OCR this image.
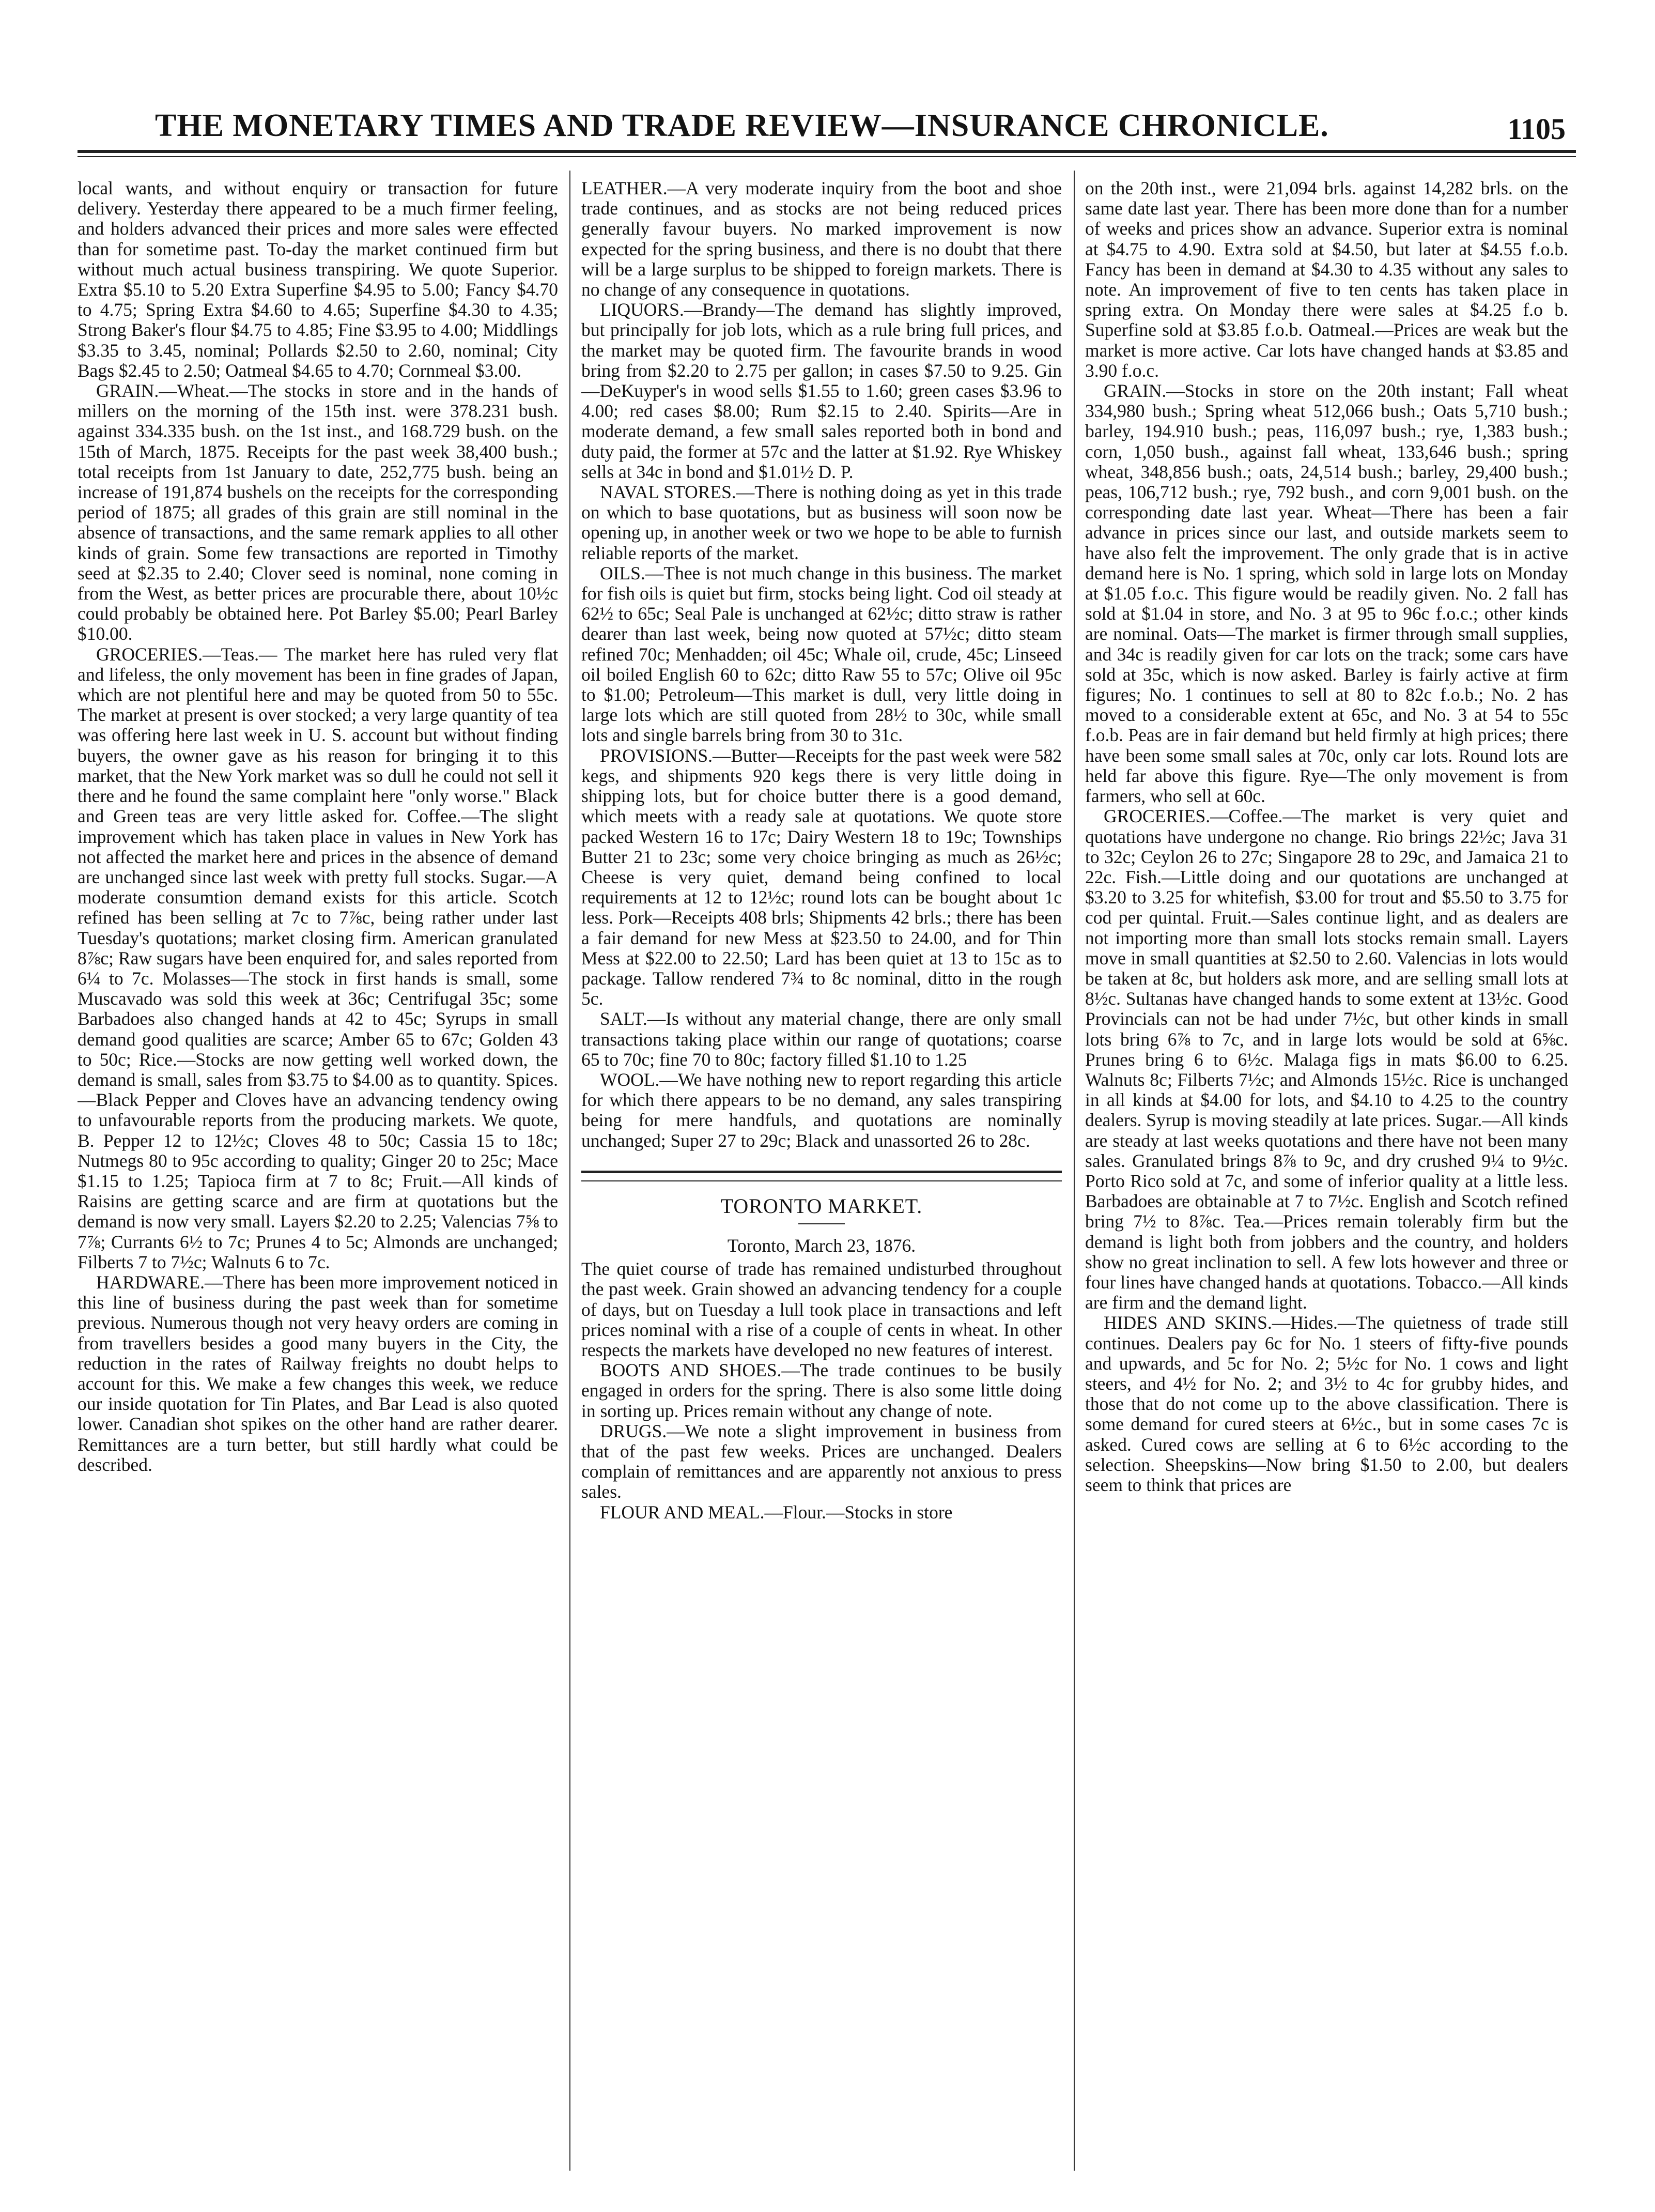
THE MONETARY TIMES AND TRADE REVIEW—INSURANCE CHRONICLE.	1105

local wants, and without enquiry or transaction for future delivery. Yesterday there appeared to be a much firmer feeling, and holders advanced their prices and more sales were effected than for sometime past. To-day the market continued firm but without much actual business transpiring. We quote Superior. Extra $5.10 to 5.20 Extra Superfine $4.95 to 5.00; Fancy $4.70 to 4.75; Spring Extra $4.60 to 4.65; Superfine $4.30 to 4.35; Strong Baker's flour $4.75 to 4.85; Fine $3.95 to 4.00; Middlings $3.35 to 3.45, nominal; Pollards $2.50 to 2.60, nominal; City Bags $2.45 to 2.50; Oatmeal $4.65 to 4.70; Cornmeal $3.00.

GRAIN.—Wheat.—The stocks in store and in the hands of millers on the morning of the 15th inst. were 378.231 bush. against 334.335 bush. on the 1st inst., and 168.729 bush. on the 15th of March, 1875. Receipts for the past week 38,400 bush.; total receipts from 1st January to date, 252,775 bush. being an increase of 191,874 bushels on the receipts for the corresponding period of 1875; all grades of this grain are still nominal in the absence of transactions, and the same remark applies to all other kinds of grain. Some few transactions are reported in Timothy seed at $2.35 to 2.40; Clover seed is nominal, none coming in from the West, as better prices are procurable there, about 10½c could probably be obtained here. Pot Barley $5.00; Pearl Barley $10.00.

GROCERIES.—Teas.— The market here has ruled very flat and lifeless, the only movement has been in fine grades of Japan, which are not plentiful here and may be quoted from 50 to 55c. The market at present is over stocked; a very large quantity of tea was offering here last week in U. S. account but without finding buyers, the owner gave as his reason for bringing it to this market, that the New York market was so dull he could not sell it there and he found the same complaint here "only worse." Black and Green teas are very little asked for. Coffee.—The slight improvement which has taken place in values in New York has not affected the market here and prices in the absence of demand are unchanged since last week with pretty full stocks. Sugar.—A moderate consumtion demand exists for this article. Scotch refined has been selling at 7c to 7⅞c, being rather under last Tuesday's quotations; market closing firm. American granulated 8⅞c; Raw sugars have been enquired for, and sales reported from 6¼ to 7c. Molasses—The stock in first hands is small, some Muscavado was sold this week at 36c; Centrifugal 35c; some Barbadoes also changed hands at 42 to 45c; Syrups in small demand good qualities are scarce; Amber 65 to 67c; Golden 43 to 50c; Rice.—Stocks are now getting well worked down, the demand is small, sales from $3.75 to $4.00 as to quantity. Spices.—Black Pepper and Cloves have an advancing tendency owing to unfavourable reports from the producing markets. We quote, B. Pepper 12 to 12½c; Cloves 48 to 50c; Cassia 15 to 18c; Nutmegs 80 to 95c according to quality; Ginger 20 to 25c; Mace $1.15 to 1.25; Tapioca firm at 7 to 8c; Fruit.—All kinds of Raisins are getting scarce and are firm at quotations but the demand is now very small. Layers $2.20 to 2.25; Valencias 7⅝ to 7⅞; Currants 6½ to 7c; Prunes 4 to 5c; Almonds are unchanged; Filberts 7 to 7½c; Walnuts 6 to 7c.

HARDWARE.—There has been more improvement noticed in this line of business during the past week than for sometime previous. Numerous though not very heavy orders are coming in from travellers besides a good many buyers in the City, the reduction in the rates of Railway freights no doubt helps to account for this. We make a few changes this week, we reduce our inside quotation for Tin Plates, and Bar Lead is also quoted lower. Canadian shot spikes on the other hand are rather dearer. Remittances are a turn better, but still hardly what could be described.

LEATHER.—A very moderate inquiry from the boot and shoe trade continues, and as stocks are not being reduced prices generally favour buyers. No marked improvement is now expected for the spring business, and there is no doubt that there will be a large surplus to be shipped to foreign markets. There is no change of any consequence in quotations.

LIQUORS.—Brandy—The demand has slightly improved, but principally for job lots, which as a rule bring full prices, and the market may be quoted firm. The favourite brands in wood bring from $2.20 to 2.75 per gallon; in cases $7.50 to 9.25. Gin—DeKuyper's in wood sells $1.55 to 1.60; green cases $3.96 to 4.00; red cases $8.00; Rum $2.15 to 2.40. Spirits—Are in moderate demand, a few small sales reported both in bond and duty paid, the former at 57c and the latter at $1.92. Rye Whiskey sells at 34c in bond and $1.01½ D. P.

NAVAL STORES.—There is nothing doing as yet in this trade on which to base quotations, but as business will soon now be opening up, in another week or two we hope to be able to furnish reliable reports of the market.

OILS.—Thee is not much change in this business. The market for fish oils is quiet but firm, stocks being light. Cod oil steady at 62½ to 65c; Seal Pale is unchanged at 62½c; ditto straw is rather dearer than last week, being now quoted at 57½c; ditto steam refined 70c; Menhadden; oil 45c; Whale oil, crude, 45c; Linseed oil boiled English 60 to 62c; ditto Raw 55 to 57c; Olive oil 95c to $1.00; Petroleum—This market is dull, very little doing in large lots which are still quoted from 28½ to 30c, while small lots and single barrels bring from 30 to 31c.

PROVISIONS.—Butter—Receipts for the past week were 582 kegs, and shipments 920 kegs there is very little doing in shipping lots, but for choice butter there is a good demand, which meets with a ready sale at quotations. We quote store packed Western 16 to 17c; Dairy Western 18 to 19c; Townships Butter 21 to 23c; some very choice bringing as much as 26½c; Cheese is very quiet, demand being confined to local requirements at 12 to 12½c; round lots can be bought about 1c less. Pork—Receipts 408 brls; Shipments 42 brls.; there has been a fair demand for new Mess at $23.50 to 24.00, and for Thin Mess at $22.00 to 22.50; Lard has been quiet at 13 to 15c as to package. Tallow rendered 7¾ to 8c nominal, ditto in the rough 5c.

SALT.—Is without any material change, there are only small transactions taking place within our range of quotations; coarse 65 to 70c; fine 70 to 80c; factory filled $1.10 to 1.25

WOOL.—We have nothing new to report regarding this article for which there appears to be no demand, any sales transpiring being for mere handfuls, and quotations are nominally unchanged; Super 27 to 29c; Black and unassorted 26 to 28c.

TORONTO MARKET.
Toronto, March 23, 1876.

The quiet course of trade has remained undisturbed throughout the past week. Grain showed an advancing tendency for a couple of days, but on Tuesday a lull took place in transactions and left prices nominal with a rise of a couple of cents in wheat. In other respects the markets have developed no new features of interest.

BOOTS AND SHOES.—The trade continues to be busily engaged in orders for the spring. There is also some little doing in sorting up. Prices remain without any change of note.

DRUGS.—We note a slight improvement in business from that of the past few weeks. Prices are unchanged. Dealers complain of remittances and are apparently not anxious to press sales.

FLOUR AND MEAL.—Flour.—Stocks in store

on the 20th inst., were 21,094 brls. against 14,282 brls. on the same date last year. There has been more done than for a number of weeks and prices show an advance. Superior extra is nominal at $4.75 to 4.90. Extra sold at $4.50, but later at $4.55 f.o.b. Fancy has been in demand at $4.30 to 4.35 without any sales to note. An improvement of five to ten cents has taken place in spring extra. On Monday there were sales at $4.25 f.o b. Superfine sold at $3.85 f.o.b. Oatmeal.—Prices are weak but the market is more active. Car lots have changed hands at $3.85 and 3.90 f.o.c.

GRAIN.—Stocks in store on the 20th instant; Fall wheat 334,980 bush.; Spring wheat 512,066 bush.; Oats 5,710 bush.; barley, 194.910 bush.; peas, 116,097 bush.; rye, 1,383 bush.; corn, 1,050 bush., against fall wheat, 133,646 bush.; spring wheat, 348,856 bush.; oats, 24,514 bush.; barley, 29,400 bush.; peas, 106,712 bush.; rye, 792 bush., and corn 9,001 bush. on the corresponding date last year. Wheat—There has been a fair advance in prices since our last, and outside markets seem to have also felt the improvement. The only grade that is in active demand here is No. 1 spring, which sold in large lots on Monday at $1.05 f.o.c. This figure would be readily given. No. 2 fall has sold at $1.04 in store, and No. 3 at 95 to 96c f.o.c.; other kinds are nominal. Oats—The market is firmer through small supplies, and 34c is readily given for car lots on the track; some cars have sold at 35c, which is now asked. Barley is fairly active at firm figures; No. 1 continues to sell at 80 to 82c f.o.b.; No. 2 has moved to a considerable extent at 65c, and No. 3 at 54 to 55c f.o.b. Peas are in fair demand but held firmly at high prices; there have been some small sales at 70c, only car lots. Round lots are held far above this figure. Rye—The only movement is from farmers, who sell at 60c.

GROCERIES.—Coffee.—The market is very quiet and quotations have undergone no change. Rio brings 22½c; Java 31 to 32c; Ceylon 26 to 27c; Singapore 28 to 29c, and Jamaica 21 to 22c. Fish.—Little doing and our quotations are unchanged at $3.20 to 3.25 for whitefish, $3.00 for trout and $5.50 to 3.75 for cod per quintal. Fruit.—Sales continue light, and as dealers are not importing more than small lots stocks remain small. Layers move in small quantities at $2.50 to 2.60. Valencias in lots would be taken at 8c, but holders ask more, and are selling small lots at 8½c. Sultanas have changed hands to some extent at 13½c. Good Provincials can not be had under 7½c, but other kinds in small lots bring 6⅞ to 7c, and in large lots would be sold at 6⅝c. Prunes bring 6 to 6½c. Malaga figs in mats $6.00 to 6.25. Walnuts 8c; Filberts 7½c; and Almonds 15½c. Rice is unchanged in all kinds at $4.00 for lots, and $4.10 to 4.25 to the country dealers. Syrup is moving steadily at late prices. Sugar.—All kinds are steady at last weeks quotations and there have not been many sales. Granulated brings 8⅞ to 9c, and dry crushed 9¼ to 9½c. Porto Rico sold at 7c, and some of inferior quality at a little less. Barbadoes are obtainable at 7 to 7½c. English and Scotch refined bring 7½ to 8⅞c. Tea.—Prices remain tolerably firm but the demand is light both from jobbers and the country, and holders show no great inclination to sell. A few lots however and three or four lines have changed hands at quotations. Tobacco.—All kinds are firm and the demand light.

HIDES AND SKINS.—Hides.—The quietness of trade still continues. Dealers pay 6c for No. 1 steers of fifty-five pounds and upwards, and 5c for No. 2; 5½c for No. 1 cows and light steers, and 4½ for No. 2; and 3½ to 4c for grubby hides, and those that do not come up to the above classification. There is some demand for cured steers at 6½c., but in some cases 7c is asked. Cured cows are selling at 6 to 6½c according to the selection. Sheepskins—Now bring $1.50 to 2.00, but dealers seem to think that prices are
